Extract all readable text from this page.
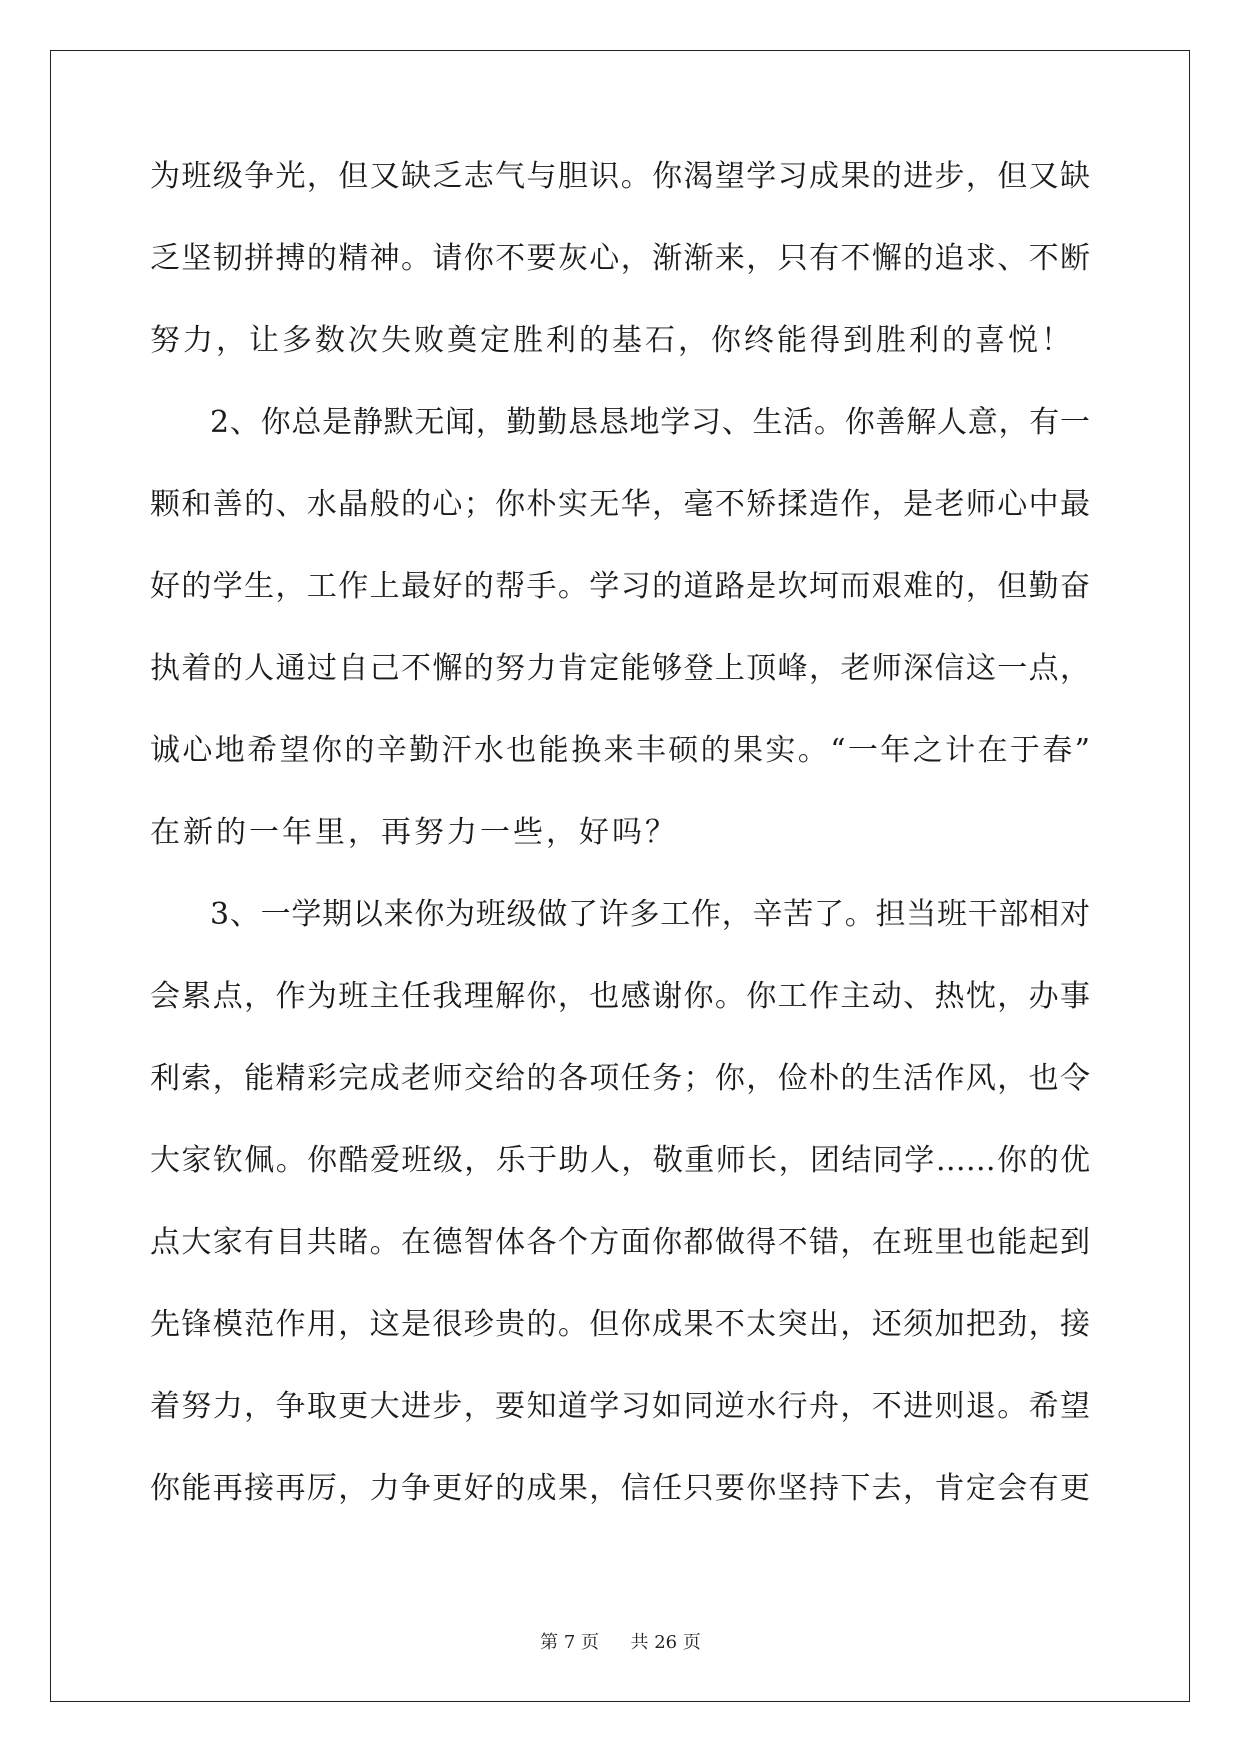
为班级争光，但又缺乏志气与胆识。你渴望学习成果的进步，但又缺
乏坚韧拼搏的精神。请你不要灰心，渐渐来，只有不懈的追求、不断
努力，让多数次失败奠定胜利的基石，你终能得到胜利的喜悦！
2、你总是静默无闻，勤勤恳恳地学习、生活。你善解人意，有一
颗和善的、水晶般的心；你朴实无华，毫不矫揉造作，是老师心中最
好的学生，工作上最好的帮手。学习的道路是坎坷而艰难的，但勤奋
执着的人通过自己不懈的努力肯定能够登上顶峰，老师深信这一点，
诚心地希望你的辛勤汗水也能换来丰硕的果实。“一年之计在于春”
在新的一年里，再努力一些，好吗？
3、一学期以来你为班级做了许多工作，辛苦了。担当班干部相对
会累点，作为班主任我理解你，也感谢你。你工作主动、热忱，办事
利索，能精彩完成老师交给的各项任务；你，俭朴的生活作风，也令
大家钦佩。你酷爱班级，乐于助人，敬重师长，团结同学……你的优
点大家有目共睹。在德智体各个方面你都做得不错，在班里也能起到
先锋模范作用，这是很珍贵的。但你成果不太突出，还须加把劲，接
着努力，争取更大进步，要知道学习如同逆水行舟，不进则退。希望
你能再接再厉，力争更好的成果，信任只要你坚持下去，肯定会有更
第 7 页 共 26 页
